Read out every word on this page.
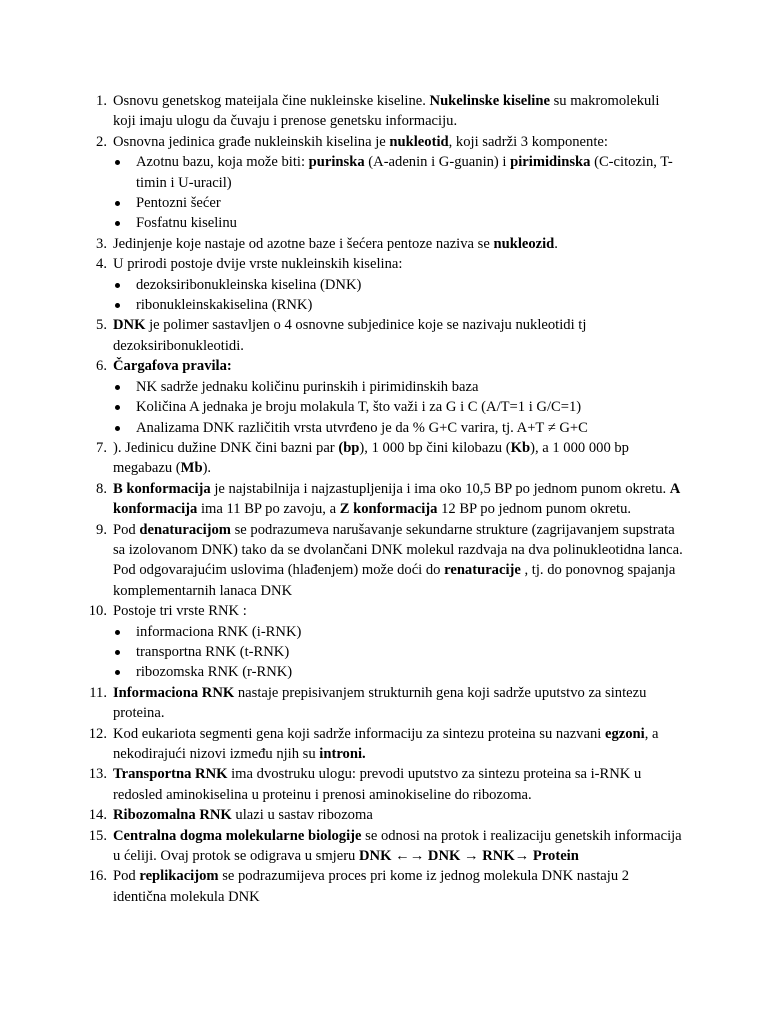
1. Osnovu genetskog mateijala čine nukleinske kiseline. Nukelinske kiseline su makromolekuli koji imaju ulogu da čuvaju i prenose genetsku informaciju.
2. Osnovna jedinica građe nukleinskih kiselina je nukleotid, koji sadrži 3 komponente:
Azotnu bazu, koja može biti: purinska (A-adenin i G-guanin) i pirimidinska (C-citozin, T-timin i U-uracil)
Pentozni šećer
Fosfatnu kiselinu
3. Jedinjenje koje nastaje od azotne baze i šećera pentoze naziva se nukleozid.
4. U prirodi postoje dvije vrste nukleinskih kiselina:
dezoksiribonukleinska kiselina (DNK)
ribonukleinskakiselina (RNK)
5. DNK je polimer sastavljen o 4 osnovne subjedinice koje se nazivaju nukleotidi tj dezoksiribonukleotidi.
6. Čargafova pravila:
NK sadrže jednaku količinu purinskih i pirimidinskih baza
Količina A jednaka je broju molakula T, što važi i za G i C (A/T=1 i G/C=1)
Analizama DNK različitih vrsta utvrđeno je da % G+C varira, tj. A+T ≠ G+C
7. ). Jedinicu dužine DNK čini bazni par (bp), 1 000 bp čini kilobazu (Kb), a 1 000 000 bp megabazu (Mb).
8. B konformacija je najstabilnija i najzastupljenija i ima oko 10,5 BP po jednom punom okretu. A konformacija ima 11 BP po zavoju, a Z konformacija 12 BP po jednom punom okretu.
9. Pod denaturacijom se podrazumeva narušavanje sekundarne strukture (zagrijavanjem supstrata sa izolovanom DNK) tako da se dvolančani DNK molekul razdvaja na dva polinukleotidna lanca. Pod odgovarajućim uslovima (hlađenjem) može doći do renaturacije , tj. do ponovnog spajanja komplementarnih lanaca DNK
10. Postoje tri vrste RNK :
informaciona RNK (i-RNK)
transportna RNK (t-RNK)
ribozomska RNK (r-RNK)
11. Informaciona RNK nastaje prepisivanjem strukturnih gena koji sadrže uputstvo za sintezu proteina.
12. Kod eukariota segmenti gena koji sadrže informaciju za sintezu proteina su nazvani egzoni, a nekodirajući nizovi između njih su introni.
13. Transportna RNK ima dvostruku ulogu: prevodi uputstvo za sintezu proteina sa i-RNK u redosled aminokiselina u proteinu i prenosi aminokiseline do ribozoma.
14. Ribozomalna RNK ulazi u sastav ribozoma
15. Centralna dogma molekularne biologije se odnosi na protok i realizaciju genetskih informacija u ćeliji. Ovaj protok se odigrava u smjeru DNK ←→ DNK → RNK→ Protein
16. Pod replikacijom se podrazumijeva proces pri kome iz jednog molekula DNK nastaju 2 identična molekula DNK
